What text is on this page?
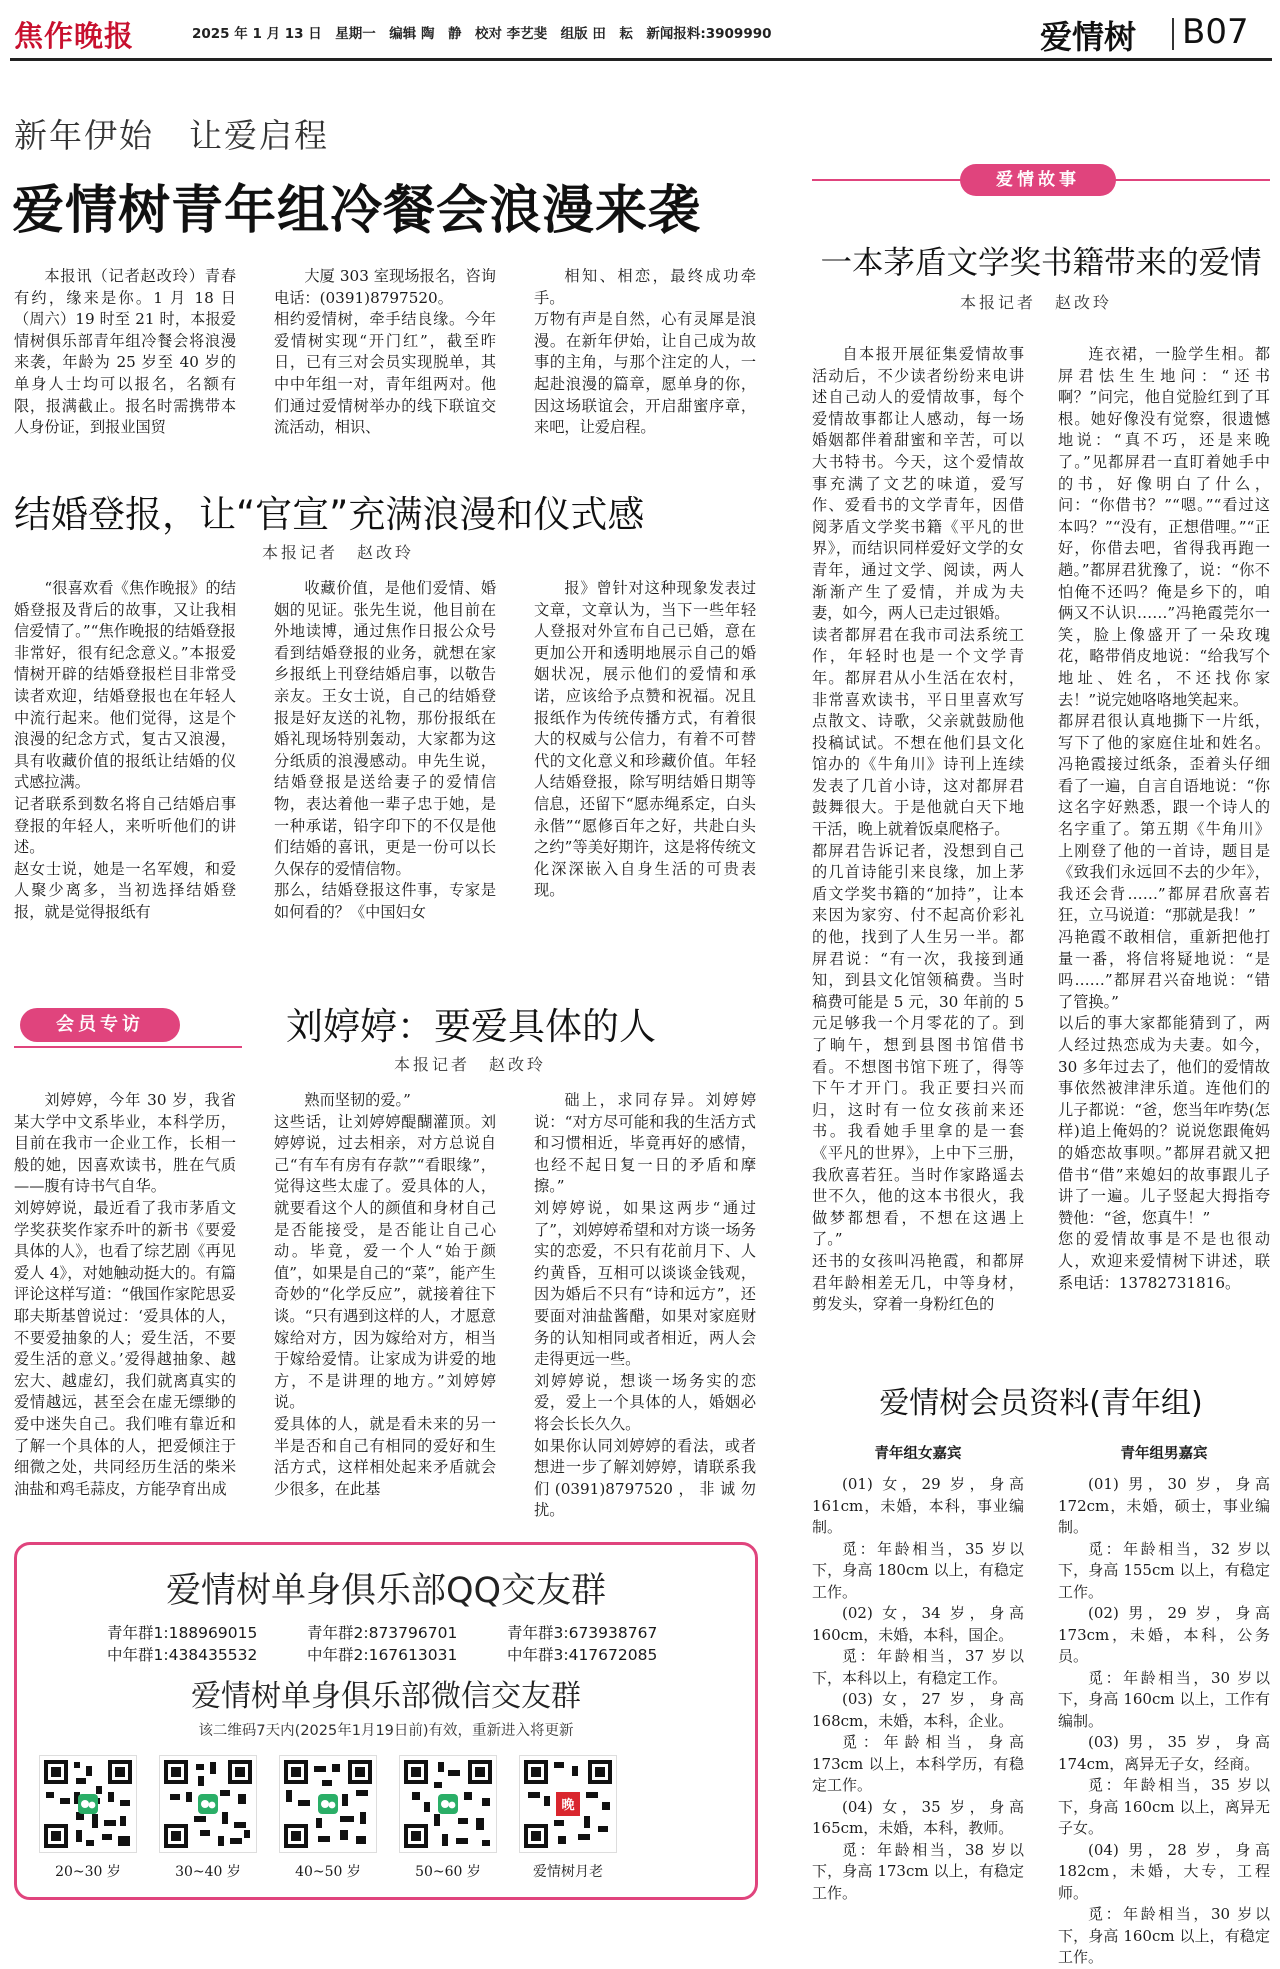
焦作晚报	2025 年 1 月 13 日　星期一　编辑 陶　静　校对 李艺斐　组版 田　耘　新闻报料:3909990	爱情树 B07
新年伊始　让爱启程
爱情树青年组冷餐会浪漫来袭
本报讯（记者赵改玲）青春有约，缘来是你。1 月 18 日（周六）19 时至 21 时，本报爱情树俱乐部青年组冷餐会将浪漫来袭，年龄为 25 岁至 40 岁的单身人士均可以报名，名额有限，报满截止。报名时需携带本人身份证，到报业国贸
大厦 303 室现场报名，咨询电话：(0391)8797520。
相约爱情树，牵手结良缘。今年爱情树实现“开门红”，截至昨日，已有三对会员实现脱单，其中中年组一对，青年组两对。他们通过爱情树举办的线下联谊交流活动，相识、
相知、相恋，最终成功牵手。
万物有声是自然，心有灵犀是浪漫。在新年伊始，让自己成为故事的主角，与那个注定的人，一起赴浪漫的篇章，愿单身的你，因这场联谊会，开启甜蜜序章，来吧，让爱启程。
结婚登报，让“官宣”充满浪漫和仪式感
本报记者　赵改玲
“很喜欢看《焦作晚报》的结婚登报及背后的故事，又让我相信爱情了。”“焦作晚报的结婚登报非常好，很有纪念意义。”本报爱情树开辟的结婚登报栏目非常受读者欢迎，结婚登报也在年轻人中流行起来。他们觉得，这是个浪漫的纪念方式，复古又浪漫，具有收藏价值的报纸让结婚的仪式感拉满。
记者联系到数名将自己结婚启事登报的年轻人，来听听他们的讲述。
赵女士说，她是一名军嫂，和爱人聚少离多，当初选择结婚登报，就是觉得报纸有
收藏价值，是他们爱情、婚姻的见证。张先生说，他目前在外地读博，通过焦作日报公众号看到结婚登报的业务，就想在家乡报纸上刊登结婚启事，以敬告亲友。王女士说，自己的结婚登报是好友送的礼物，那份报纸在婚礼现场特别轰动，大家都为这分纸质的浪漫感动。申先生说，结婚登报是送给妻子的爱情信物，表达着他一辈子忠于她，是一种承诺，铅字印下的不仅是他们结婚的喜讯，更是一份可以长久保存的爱情信物。
那么，结婚登报这件事，专家是如何看的？《中国妇女
报》曾针对这种现象发表过文章，文章认为，当下一些年轻人登报对外宣布自己已婚，意在更加公开和透明地展示自己的婚姻状况，展示他们的爱情和承诺，应该给予点赞和祝福。况且报纸作为传统传播方式，有着很大的权威与公信力，有着不可替代的文化意义和珍藏价值。年轻人结婚登报，除写明结婚日期等信息，还留下“愿赤绳系定，白头永偕”“愿修百年之好，共赴白头之约”等美好期许，这是将传统文化深深嵌入自身生活的可贵表现。
会员专访	刘婷婷：要爱具体的人
本报记者　赵改玲
刘婷婷，今年 30 岁，我省某大学中文系毕业，本科学历，目前在我市一企业工作，长相一般的她，因喜欢读书，胜在气质——腹有诗书气自华。
刘婷婷说，最近看了我市茅盾文学奖获奖作家乔叶的新书《要爱具体的人》，也看了综艺剧《再见爱人 4》，对她触动挺大的。有篇评论这样写道：“俄国作家陀思妥耶夫斯基曾说过：‘爱具体的人，不要爱抽象的人；爱生活，不要爱生活的意义。’爱得越抽象、越宏大、越虚幻，我们就离真实的爱情越远，甚至会在虚无缥缈的爱中迷失自己。我们唯有靠近和了解一个具体的人，把爱倾注于细微之处，共同经历生活的柴米油盐和鸡毛蒜皮，方能孕育出成
熟而坚韧的爱。”
这些话，让刘婷婷醍醐灌顶。刘婷婷说，过去相亲，对方总说自己“有车有房有存款”“看眼缘”，觉得这些太虚了。爱具体的人，就要看这个人的颜值和身材自己是否能接受，是否能让自己心动。毕竟，爱一个人“始于颜值”，如果是自己的“菜”，能产生奇妙的“化学反应”，就接着往下谈。“只有遇到这样的人，才愿意嫁给对方，因为嫁给对方，相当于嫁给爱情。让家成为讲爱的地方，不是讲理的地方。”刘婷婷说。
爱具体的人，就是看未来的另一半是否和自己有相同的爱好和生活方式，这样相处起来矛盾就会少很多，在此基
础上，求同存异。刘婷婷说：“对方尽可能和我的生活方式和习惯相近，毕竟再好的感情，也经不起日复一日的矛盾和摩擦。”
刘婷婷说，如果这两步“通过了”，刘婷婷希望和对方谈一场务实的恋爱，不只有花前月下、人约黄昏，互相可以谈谈金钱观，因为婚后不只有“诗和远方”，还要面对油盐酱醋，如果对家庭财务的认知相同或者相近，两人会走得更远一些。
刘婷婷说，想谈一场务实的恋爱，爱上一个具体的人，婚姻必将会长长久久。
如果你认同刘婷婷的看法，或者想进一步了解刘婷婷，请联系我们(0391)8797520，非诚勿扰。
爱情树单身俱乐部QQ交友群
青年群1:188969015	青年群2:873796701	青年群3:673938767
中年群1:438435532	中年群2:167613031	中年群3:417672085
爱情树单身俱乐部微信交友群
该二维码7天内(2025年1月19日前)有效，重新进入将更新
20~30 岁	30~40 岁	40~50 岁	50~60 岁
晚
爱情树月老
爱情故事
一本茅盾文学奖书籍带来的爱情
本报记者　赵改玲
自本报开展征集爱情故事活动后，不少读者纷纷来电讲述自己动人的爱情故事，每个爱情故事都让人感动，每一场婚姻都伴着甜蜜和辛苦，可以大书特书。今天，这个爱情故事充满了文艺的味道，爱写作、爱看书的文学青年，因借阅茅盾文学奖书籍《平凡的世界》，而结识同样爱好文学的女青年，通过文学、阅读，两人渐渐产生了爱情，并成为夫妻，如今，两人已走过银婚。
读者都屏君在我市司法系统工作，年轻时也是一个文学青年。都屏君从小生活在农村，非常喜欢读书，平日里喜欢写点散文、诗歌，父亲就鼓励他投稿试试。不想在他们县文化馆办的《牛角川》诗刊上连续发表了几首小诗，这对都屏君鼓舞很大。于是他就白天下地干活，晚上就着饭桌爬格子。
都屏君告诉记者，没想到自己的几首诗能引来良缘，加上茅盾文学奖书籍的“加持”，让本来因为家穷、付不起高价彩礼的他，找到了人生另一半。都屏君说：“有一次，我接到通知，到县文化馆领稿费。当时稿费可能是 5 元，30 年前的 5 元足够我一个月零花的了。到了晌午，想到县图书馆借书看。不想图书馆下班了，得等下午才开门。我正要扫兴而归，这时有一位女孩前来还书。我看她手里拿的是一套《平凡的世界》，上中下三册，我欣喜若狂。当时作家路遥去世不久，他的这本书很火，我做梦都想看，不想在这遇上了。”
还书的女孩叫冯艳霞，和都屏君年龄相差无几，中等身材，剪发头，穿着一身粉红色的
连衣裙，一脸学生相。都屏君怯生生地问：“还书啊？”问完，他自觉脸红到了耳根。她好像没有觉察，很遗憾地说：“真不巧，还是来晚了。”见都屏君一直盯着她手中的书，好像明白了什么，问：“你借书？”“嗯。”“看过这本吗？”“没有，正想借哩。”“正好，你借去吧，省得我再跑一趟。”都屏君犹豫了，说：“你不怕俺不还吗？俺是乡下的，咱俩又不认识……”冯艳霞莞尔一笑，脸上像盛开了一朵玫瑰花，略带俏皮地说：“给我写个地址、姓名，不还找你家去！”说完她咯咯地笑起来。
都屏君很认真地撕下一片纸，写下了他的家庭住址和姓名。冯艳霞接过纸条，歪着头仔细看了一遍，自言自语地说：“你这名字好熟悉，跟一个诗人的名字重了。第五期《牛角川》上刚登了他的一首诗，题目是《致我们永远回不去的少年》，我还会背……”都屏君欣喜若狂，立马说道：“那就是我！”
冯艳霞不敢相信，重新把他打量一番，将信将疑地说：“是吗……”都屏君兴奋地说：“错了管换。”
以后的事大家都能猜到了，两人经过热恋成为夫妻。如今，30 多年过去了，他们的爱情故事依然被津津乐道。连他们的儿子都说：“爸，您当年咋势(怎样)追上俺妈的？说说您跟俺妈的婚恋故事呗。”都屏君就又把借书“借”来媳妇的故事跟儿子讲了一遍。儿子竖起大拇指夸赞他：“爸，您真牛！”
您的爱情故事是不是也很动人，欢迎来爱情树下讲述，联系电话：13782731816。
爱情树会员资料(青年组)
青年组女嘉宾	青年组男嘉宾
(01) 女，29 岁，身高 161cm，未婚，本科，事业编制。
觅：年龄相当，35 岁以下，身高 180cm 以上，有稳定工作。
(02) 女，34 岁，身高 160cm，未婚，本科，国企。
觅：年龄相当，37 岁以下，本科以上，有稳定工作。
(03) 女，27 岁，身高 168cm，未婚，本科，企业。
觅：年龄相当，身高 173cm 以上，本科学历，有稳定工作。
(04) 女，35 岁，身高 165cm，未婚，本科，教师。
觅：年龄相当，38 岁以下，身高 173cm 以上，有稳定工作。
(01) 男，30 岁，身高 172cm，未婚，硕士，事业编制。
觅：年龄相当，32 岁以下，身高 155cm 以上，有稳定工作。
(02) 男，29 岁，身高 173cm，未婚，本科，公务员。
觅：年龄相当，30 岁以下，身高 160cm 以上，工作有编制。
(03) 男，35 岁，身高 174cm，离异无子女，经商。
觅：年龄相当，35 岁以下，身高 160cm 以上，离异无子女。
(04) 男，28 岁，身高 182cm，未婚，大专，工程师。
觅：年龄相当，30 岁以下，身高 160cm 以上，有稳定工作。
